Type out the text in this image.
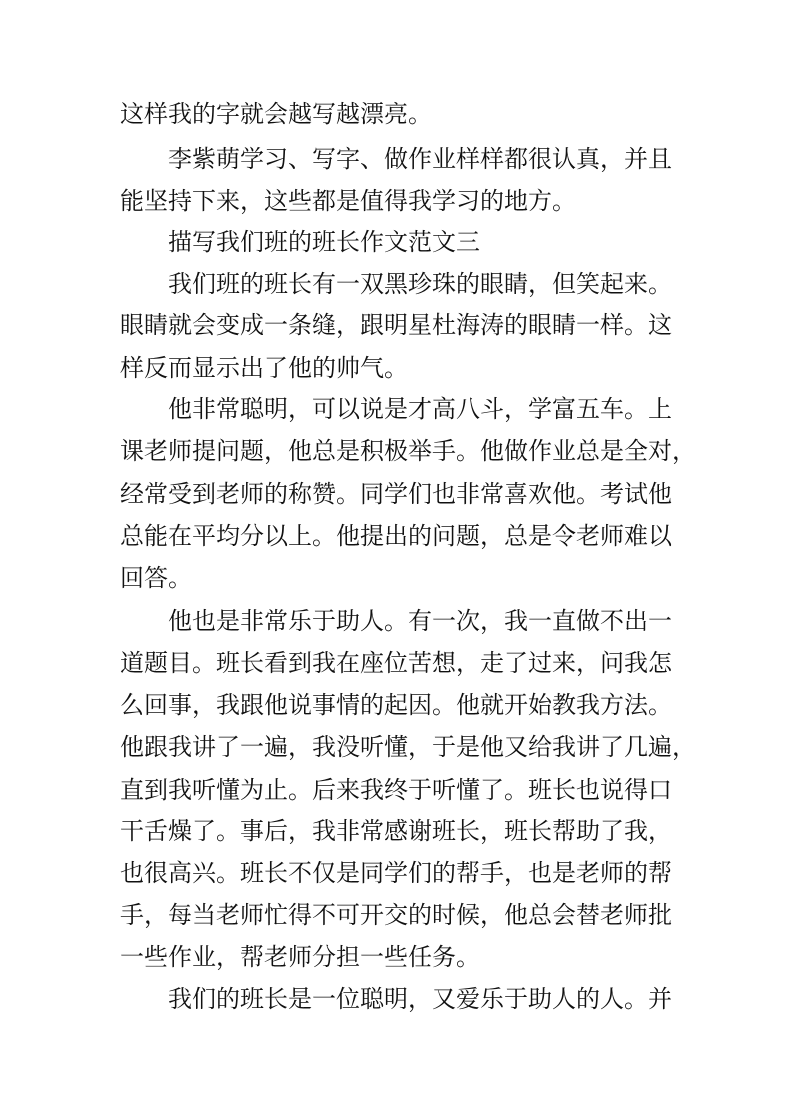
这样我的字就会越写越漂亮。
李紫萌学习、写字、做作业样样都很认真，并且
能坚持下来，这些都是值得我学习的地方。
描写我们班的班长作文范文三
我们班的班长有一双黑珍珠的眼睛，但笑起来。
眼睛就会变成一条缝，跟明星杜海涛的眼睛一样。这
样反而显示出了他的帅气。
他非常聪明，可以说是才高八斗，学富五车。上
课老师提问题，他总是积极举手。他做作业总是全对，
经常受到老师的称赞。同学们也非常喜欢他。考试他
总能在平均分以上。他提出的问题，总是令老师难以
回答。
他也是非常乐于助人。有一次，我一直做不出一
道题目。班长看到我在座位苦想，走了过来，问我怎
么回事，我跟他说事情的起因。他就开始教我方法。
他跟我讲了一遍，我没听懂，于是他又给我讲了几遍，
直到我听懂为止。后来我终于听懂了。班长也说得口
干舌燥了。事后，我非常感谢班长，班长帮助了我，
也很高兴。班长不仅是同学们的帮手，也是老师的帮
手，每当老师忙得不可开交的时候，他总会替老师批
一些作业，帮老师分担一些任务。
我们的班长是一位聪明，又爱乐于助人的人。并
